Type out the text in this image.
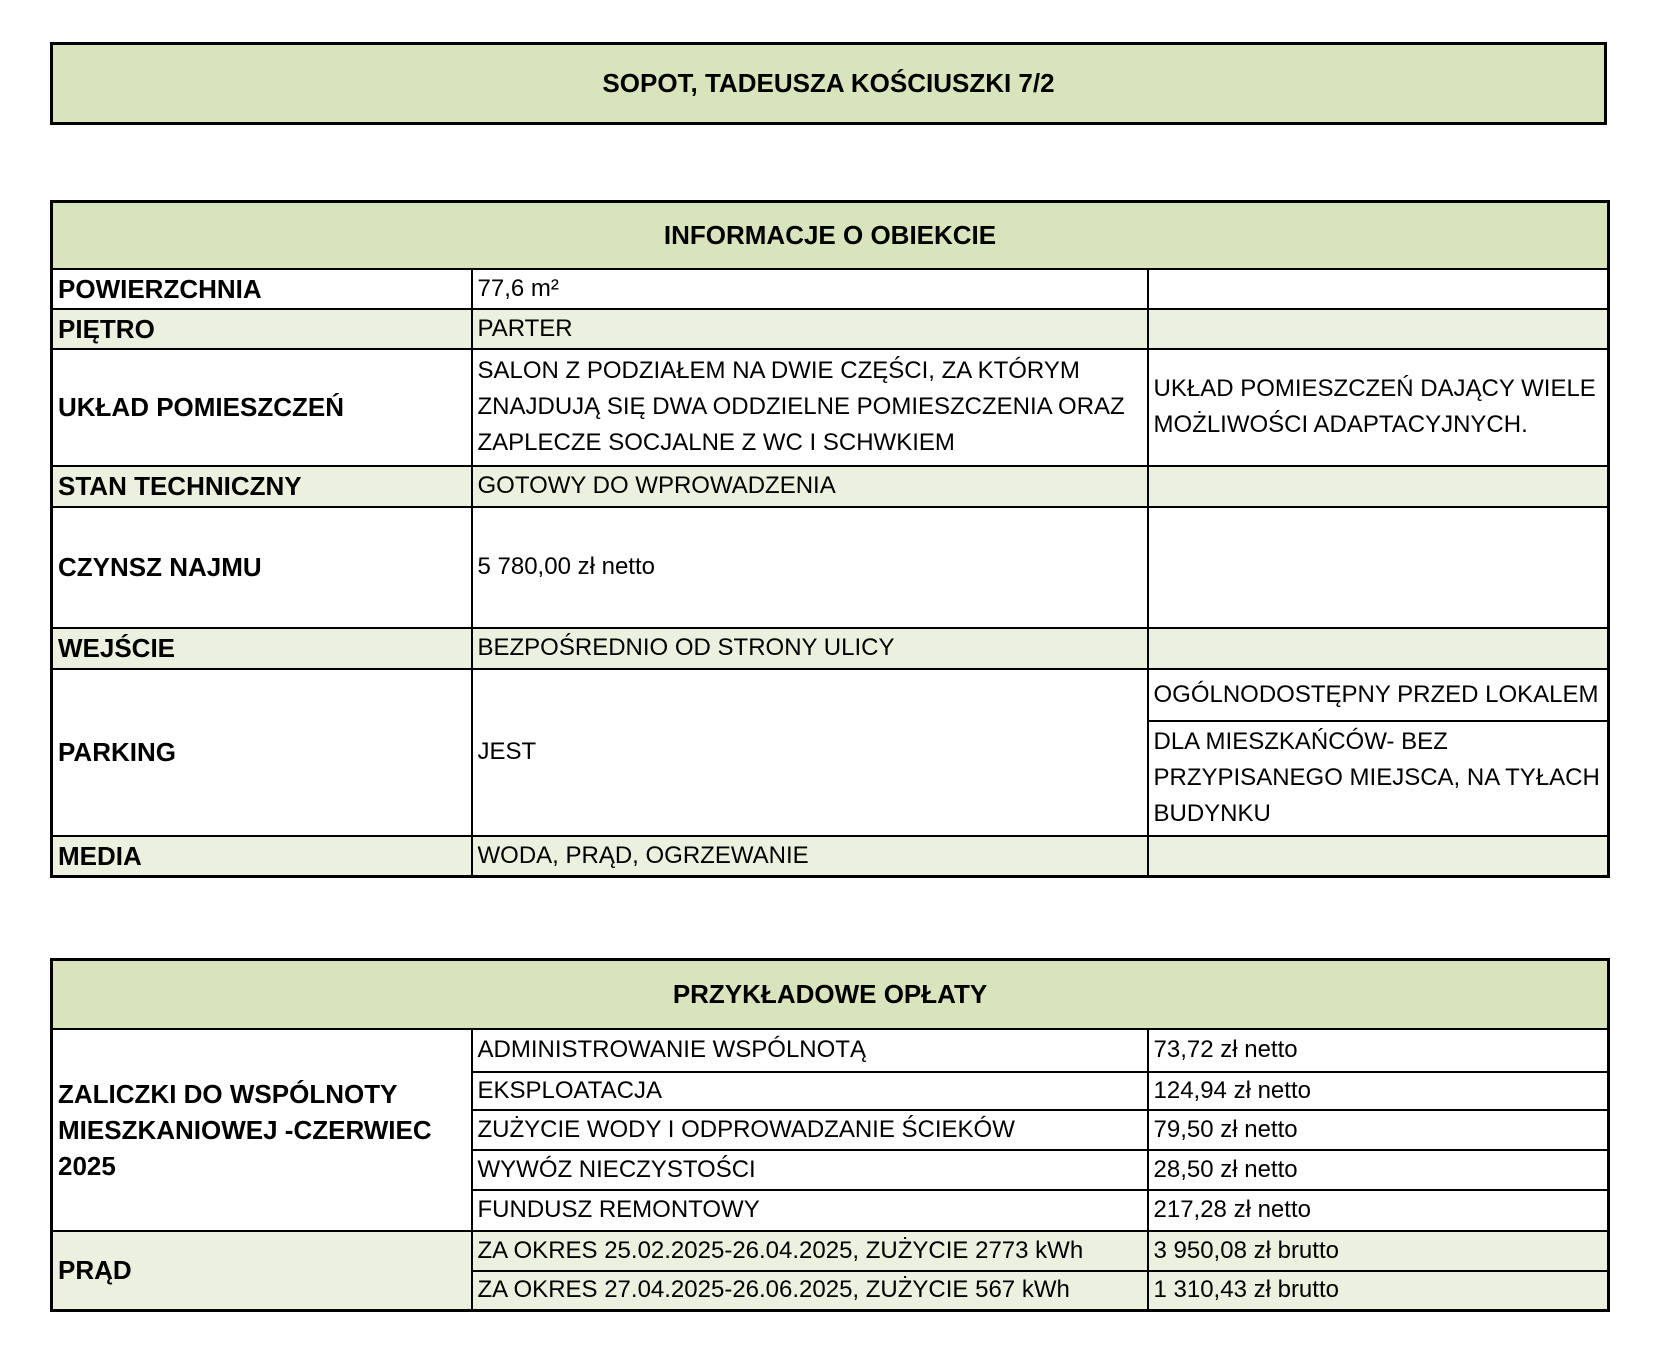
SOPOT, TADEUSZA KOŚCIUSZKI 7/2
INFORMACJE O OBIEKCIE		
POWIERZCHNIA	77,6 m²	
PIĘTRO	PARTER	
UKŁAD POMIESZCZEŃ	SALON Z PODZIAŁEM NA DWIE CZĘŚCI, ZA KTÓRYM ZNAJDUJĄ SIĘ DWA ODDZIELNE POMIESZCZENIA ORAZ ZAPLECZE SOCJALNE Z WC I SCHWKIEM	UKŁAD POMIESZCZEŃ DAJĄCY WIELE MOŻLIWOŚCI ADAPTACYJNYCH.
STAN TECHNICZNY	GOTOWY DO WPROWADZENIA	
CZYNSZ NAJMU	5 780,00 zł netto	
WEJŚCIE	BEZPOŚREDNIO OD STRONY ULICY	
PARKING	JEST	OGÓLNODOSTĘPNY PRZED LOKALEM
		DLA MIESZKAŃCÓW- BEZ PRZYPISANEGO MIEJSCA, NA TYŁACH BUDYNKU
MEDIA	WODA, PRĄD, OGRZEWANIE	
PRZYKŁADOWE OPŁATY		
ZALICZKI DO WSPÓLNOTY MIESZKANIOWEJ -CZERWIEC 2025	ADMINISTROWANIE WSPÓLNOTĄ	73,72 zł netto
	EKSPLOATACJA	124,94 zł netto
	ZUŻYCIE WODY I ODPROWADZANIE ŚCIEKÓW	79,50 zł netto
	WYWÓZ NIECZYSTOŚCI	28,50 zł netto
	FUNDUSZ REMONTOWY	217,28 zł netto
PRĄD	ZA OKRES 25.02.2025-26.04.2025, ZUŻYCIE 2773 kWh	3 950,08 zł brutto
	ZA OKRES 27.04.2025-26.06.2025, ZUŻYCIE 567 kWh	1 310,43 zł brutto
